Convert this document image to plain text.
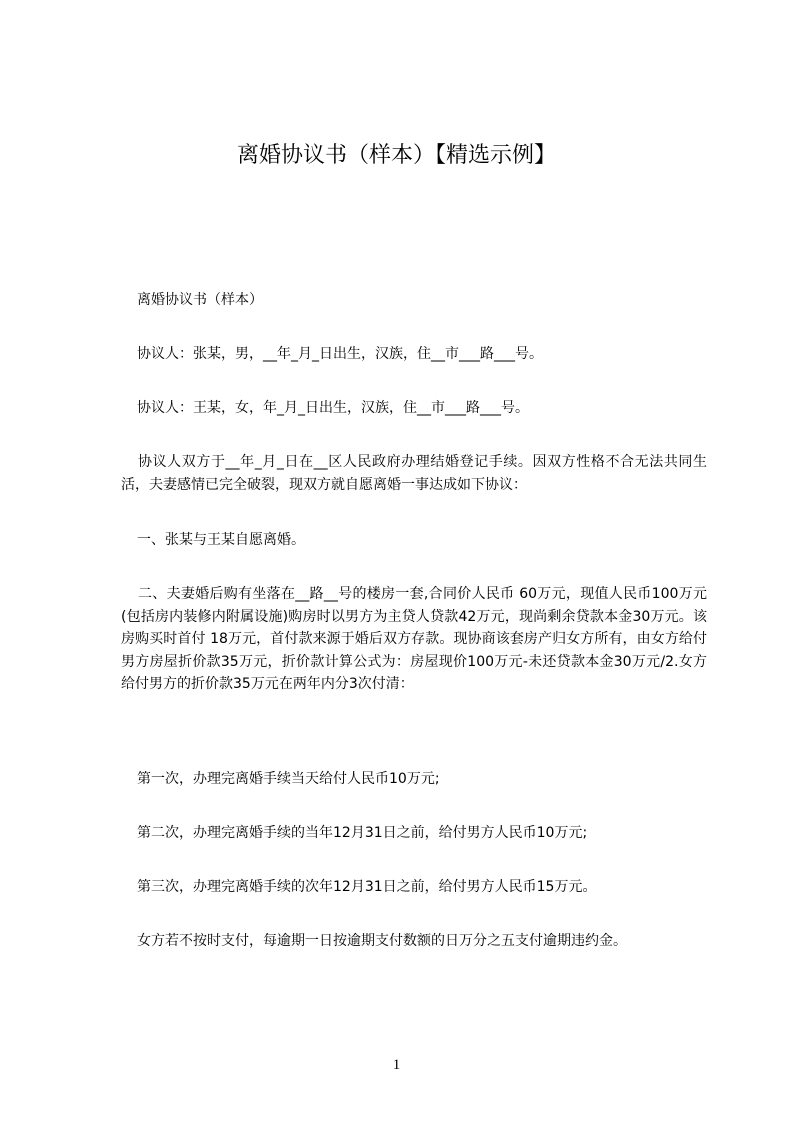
离婚协议书（样本）【精选示例】
离婚协议书（样本）
协议人：张某，男，__年_月_日出生，汉族，住__市___路___号。
协议人：王某，女，年_月_日出生，汉族，住__市___路___号。
协议人双方于__年_月_日在__区人民政府办理结婚登记手续。因双方性格不合无法共同生活，夫妻感情已完全破裂，现双方就自愿离婚一事达成如下协议：
一、张某与王某自愿离婚。
二、夫妻婚后购有坐落在__路__号的楼房一套,合同价人民币 60万元，现值人民币100万元(包括房内装修内附属设施)购房时以男方为主贷人贷款42万元，现尚剩余贷款本金30万元。该房购买时首付 18万元，首付款来源于婚后双方存款。现协商该套房产归女方所有，由女方给付男方房屋折价款35万元，折价款计算公式为：房屋现价100万元-未还贷款本金30万元/2.女方给付男方的折价款35万元在两年内分3次付清：
第一次，办理完离婚手续当天给付人民币10万元;
第二次，办理完离婚手续的当年12月31日之前，给付男方人民币10万元;
第三次，办理完离婚手续的次年12月31日之前，给付男方人民币15万元。
女方若不按时支付，每逾期一日按逾期支付数额的日万分之五支付逾期违约金。
1
